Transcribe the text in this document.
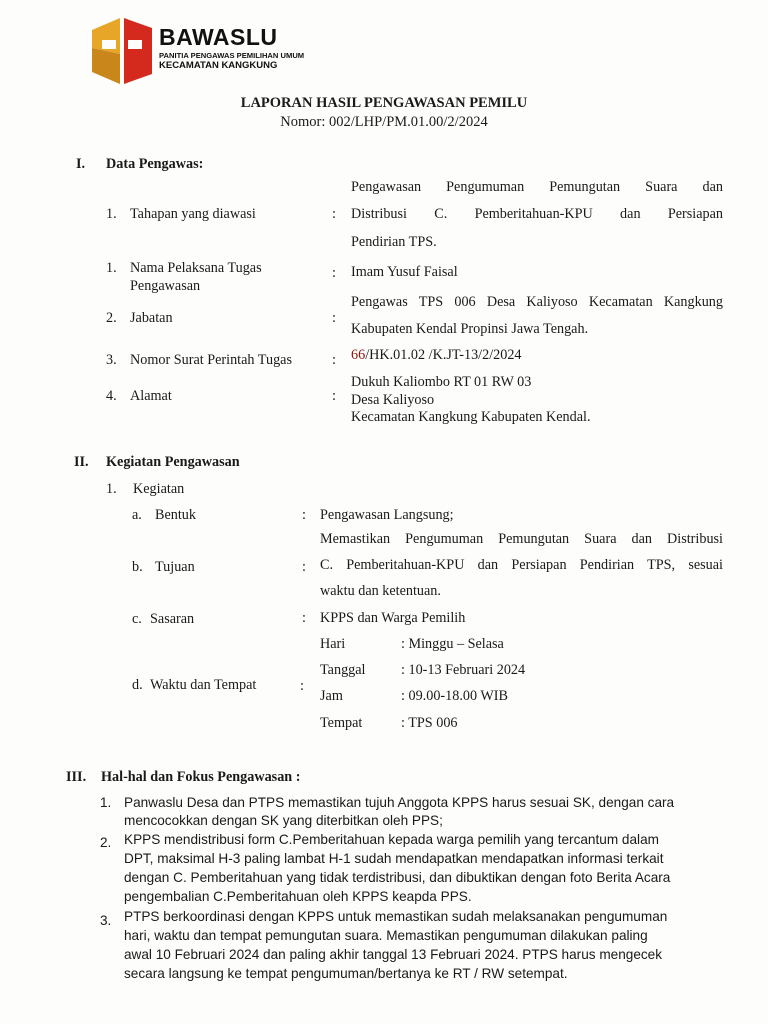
BAWASLU
PANITIA PENGAWAS PEMILIHAN UMUM
KECAMATAN KANGKUNG
LAPORAN HASIL PENGAWASAN PEMILU
Nomor: 002/LHP/PM.01.00/2/2024
I. Data Pengawas:
1. Tahapan yang diawasi	:
Pengawasan Pengumuman Pemungutan Suara dan
Distribusi C. Pemberitahuan-KPU dan Persiapan
Pendirian TPS.
1. Nama Pelaksana Tugas
Pengawasan
: Imam Yusuf Faisal
2. Jabatan	:
Pengawas TPS 006 Desa Kaliyoso Kecamatan Kangkung
Kabupaten Kendal Propinsi Jawa Tengah.
3. Nomor Surat Perintah Tugas	: 66/HK.01.02 /K.JT-13/2/2024
4. Alamat	:
Dukuh Kaliombo RT 01 RW 03
Desa Kaliyoso
Kecamatan Kangkung Kabupaten Kendal.
II. Kegiatan Pengawasan
1. Kegiatan
a. Bentuk	: Pengawasan Langsung;
b. Tujuan	:
Memastikan Pengumuman Pemungutan Suara dan Distribusi
C. Pemberitahuan-KPU dan Persiapan Pendirian TPS, sesuai
waktu dan ketentuan.
c. Sasaran	: KPPS dan Warga Pemilih
d. Waktu dan Tempat	:
Hari	: Minggu – Selasa
Tanggal	: 10-13 Februari 2024
Jam	: 09.00-18.00 WIB
Tempat	: TPS 006
III. Hal-hal dan Fokus Pengawasan :
1. Panwaslu Desa dan PTPS memastikan tujuh Anggota KPPS harus sesuai SK, dengan cara
mencocokkan dengan SK yang diterbitkan oleh PPS;
2. KPPS mendistribusi form C.Pemberitahuan kepada warga pemilih yang tercantum dalam
DPT, maksimal H-3 paling lambat H-1 sudah mendapatkan mendapatkan informasi terkait
dengan C. Pemberitahuan yang tidak terdistribusi, dan dibuktikan dengan foto Berita Acara
pengembalian C.Pemberitahuan oleh KPPS keapda PPS.
3. PTPS berkoordinasi dengan KPPS untuk memastikan sudah melaksanakan pengumuman
hari, waktu dan tempat pemungutan suara. Memastikan pengumuman dilakukan paling
awal 10 Februari 2024 dan paling akhir tanggal 13 Februari 2024. PTPS harus mengecek
secara langsung ke tempat pengumuman/bertanya ke RT / RW setempat.
